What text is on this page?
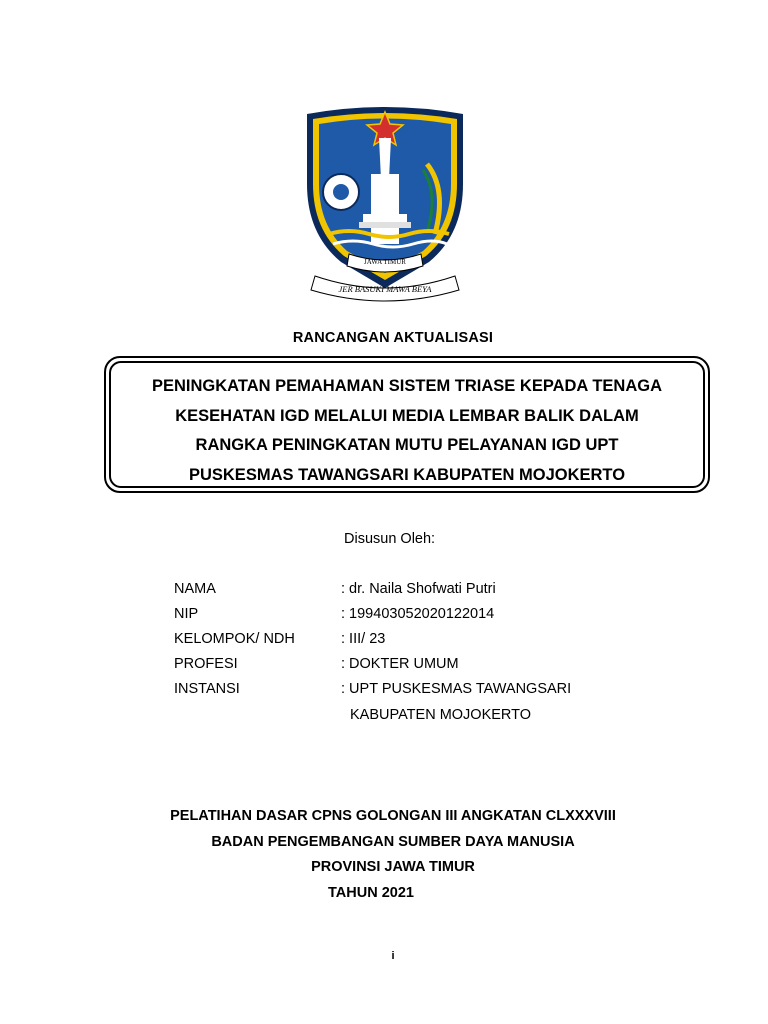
JAWA TIMUR
JER BASUKI MAWA BEYA
RANCANGAN AKTUALISASI
PENINGKATAN PEMAHAMAN SISTEM TRIASE KEPADA TENAGA
KESEHATAN IGD MELALUI MEDIA LEMBAR BALIK DALAM
RANGKA PENINGKATAN MUTU PELAYANAN IGD UPT
PUSKESMAS TAWANGSARI KABUPATEN MOJOKERTO
Disusun Oleh:
NAMA	: dr. Naila Shofwati Putri
NIP	: 199403052020122014
KELOMPOK/ NDH	: III/ 23
PROFESI	: DOKTER UMUM
INSTANSI	: UPT PUSKESMAS TAWANGSARI
KABUPATEN MOJOKERTO
PELATIHAN DASAR CPNS GOLONGAN III ANGKATAN CLXXXVIII
BADAN PENGEMBANGAN SUMBER DAYA MANUSIA
PROVINSI JAWA TIMUR
TAHUN 2021
i
